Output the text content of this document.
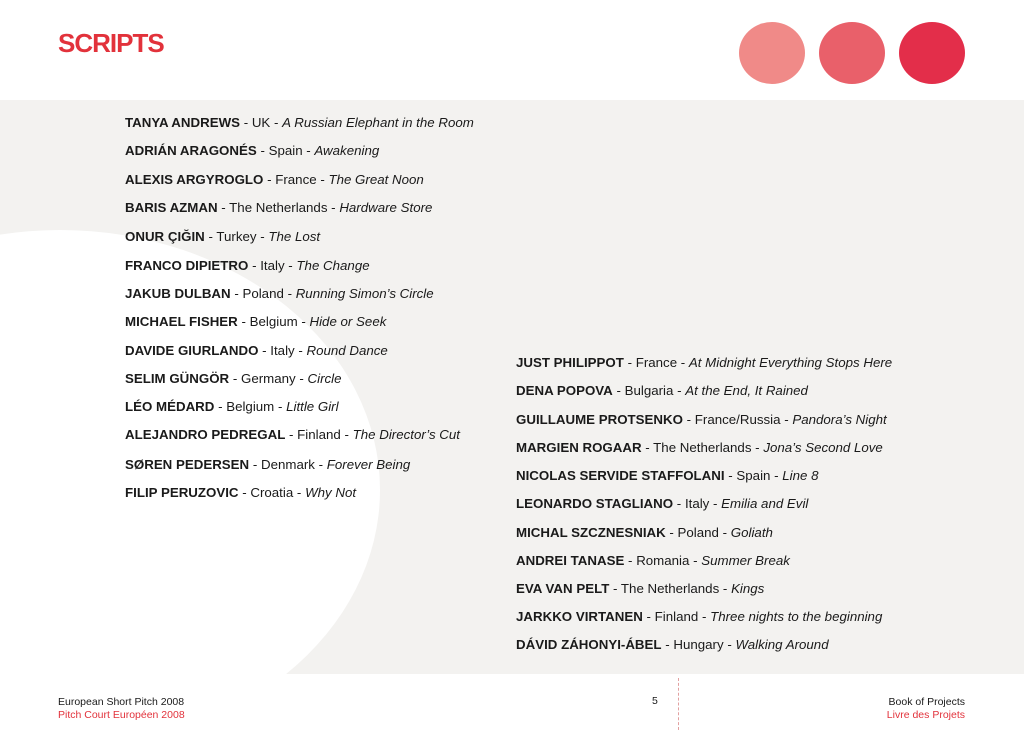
SCRIPTS
TANYA ANDREWS - UK - A Russian Elephant in the Room
ADRIÁN ARAGONÉS - Spain - Awakening
ALEXIS ARGYROGLO - France - The Great Noon
BARIS AZMAN - The Netherlands - Hardware Store
ONUR ÇIĞIN - Turkey - The Lost
FRANCO DIPIETRO - Italy - The Change
JAKUB DULBAN - Poland - Running Simon’s Circle
MICHAEL FISHER - Belgium - Hide or Seek
DAVIDE GIURLANDO - Italy - Round Dance
SELIM GÜNGÖR - Germany - Circle
LÉO MÉDARD - Belgium - Little Girl
ALEJANDRO PEDREGAL - Finland - The Director’s Cut
SØREN PEDERSEN - Denmark - Forever Being
FILIP PERUZOVIC - Croatia - Why Not
JUST PHILIPPOT - France - At Midnight Everything Stops Here
DENA POPOVA - Bulgaria - At the End, It Rained
GUILLAUME PROTSENKO - France/Russia - Pandora’s Night
MARGIEN ROGAAR - The Netherlands - Jona’s Second Love
NICOLAS SERVIDE STAFFOLANI - Spain - Line 8
LEONARDO STAGLIANO - Italy - Emilia and Evil
MICHAL SZCZNESNIAK - Poland - Goliath
ANDREI TANASE - Romania - Summer Break
EVA VAN PELT - The Netherlands - Kings
JARKKO VIRTANEN - Finland - Three nights to the beginning
DÁVID ZÁHONYI-ÁBEL - Hungary - Walking Around
European Short Pitch 2008
Pitch Court Européen 2008
5	Book of Projects
Livre des Projets
